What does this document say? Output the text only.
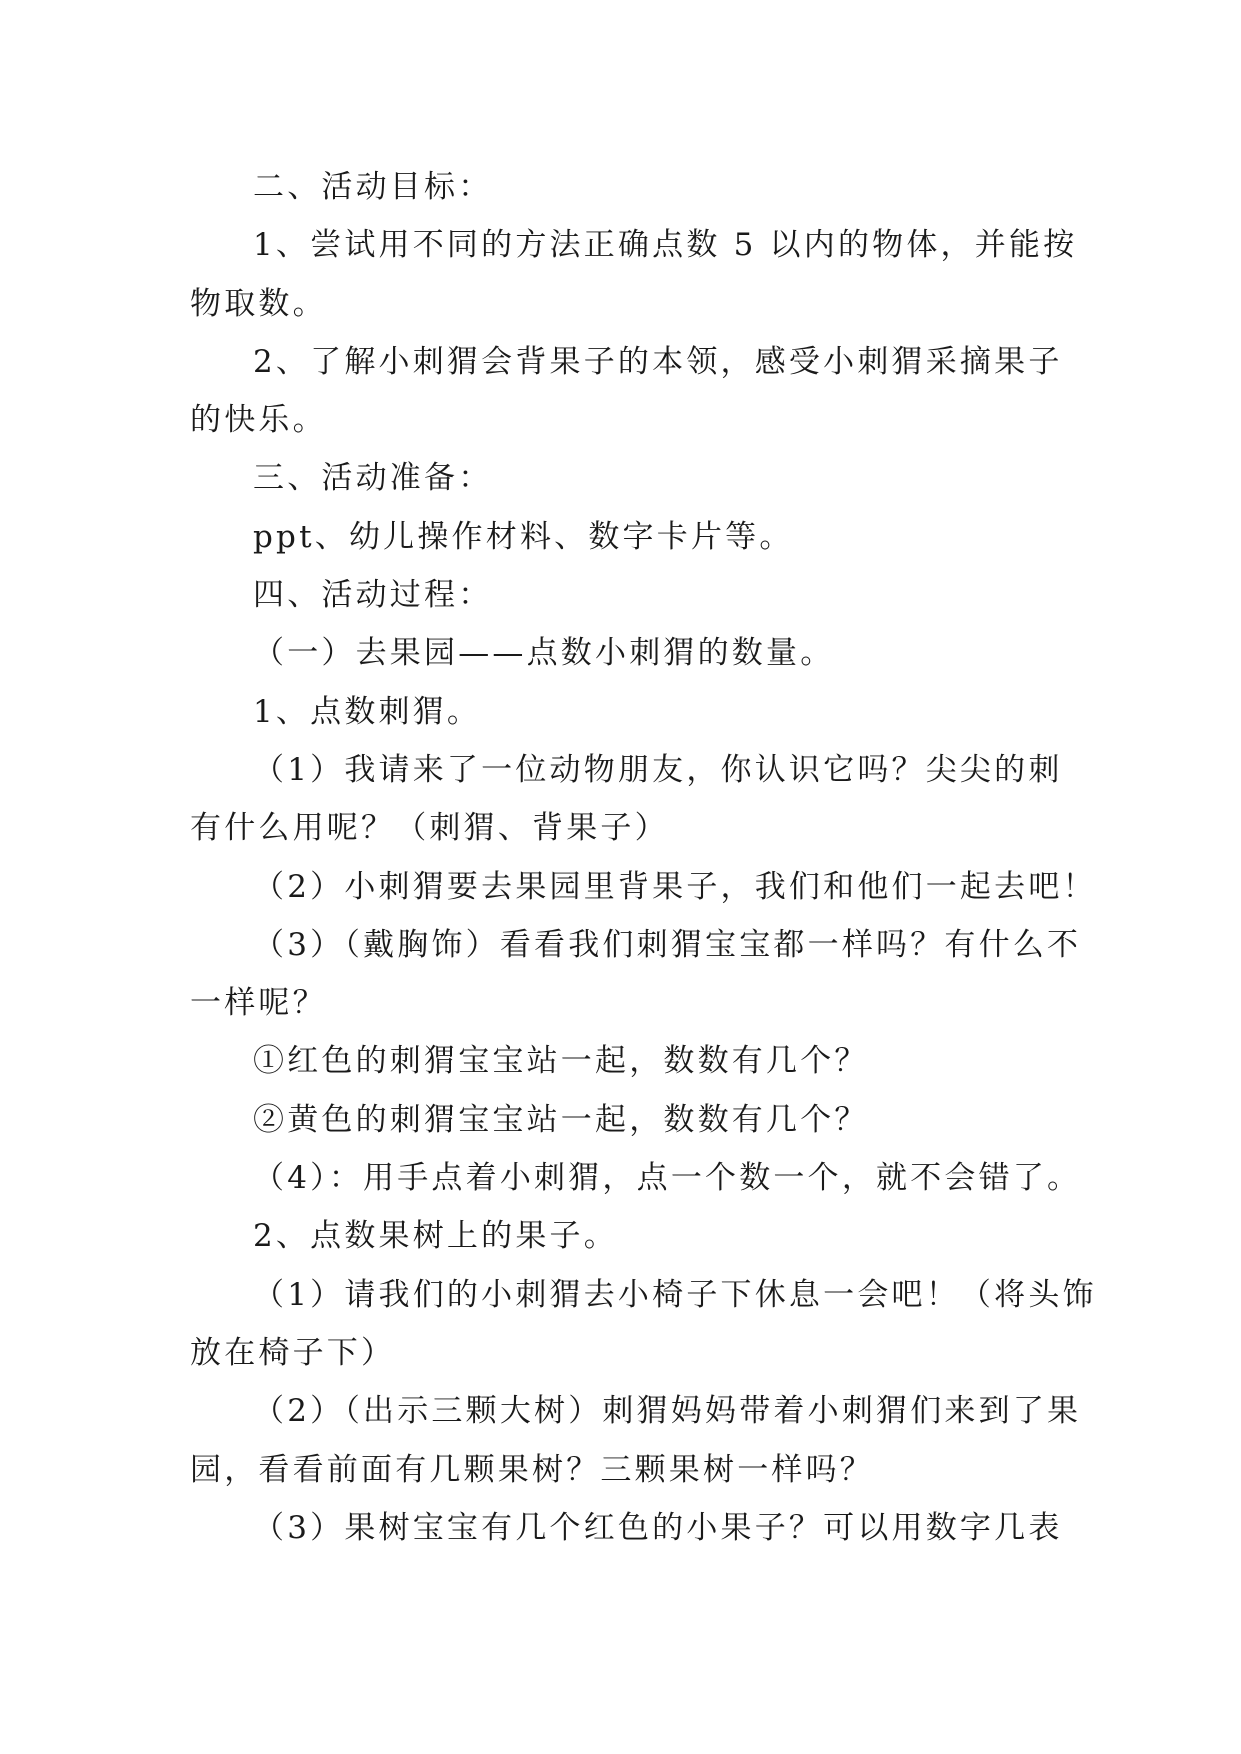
二、活动目标：
1、尝试用不同的方法正确点数 5 以内的物体，并能按
物取数。
2、了解小刺猬会背果子的本领，感受小刺猬采摘果子
的快乐。
三、活动准备：
ppt、幼儿操作材料、数字卡片等。
四、活动过程：
（一）去果园——点数小刺猬的数量。
1、点数刺猬。
（1）我请来了一位动物朋友，你认识它吗？尖尖的刺
有什么用呢？（刺猬、背果子）
（2）小刺猬要去果园里背果子，我们和他们一起去吧！
（3）（戴胸饰）看看我们刺猬宝宝都一样吗？有什么不
一样呢？
①红色的刺猬宝宝站一起，数数有几个？
②黄色的刺猬宝宝站一起，数数有几个？
（4）：用手点着小刺猬，点一个数一个，就不会错了。
2、点数果树上的果子。
（1）请我们的小刺猬去小椅子下休息一会吧！（将头饰
放在椅子下）
（2）（出示三颗大树）刺猬妈妈带着小刺猬们来到了果
园，看看前面有几颗果树？三颗果树一样吗？
（3）果树宝宝有几个红色的小果子？可以用数字几表
